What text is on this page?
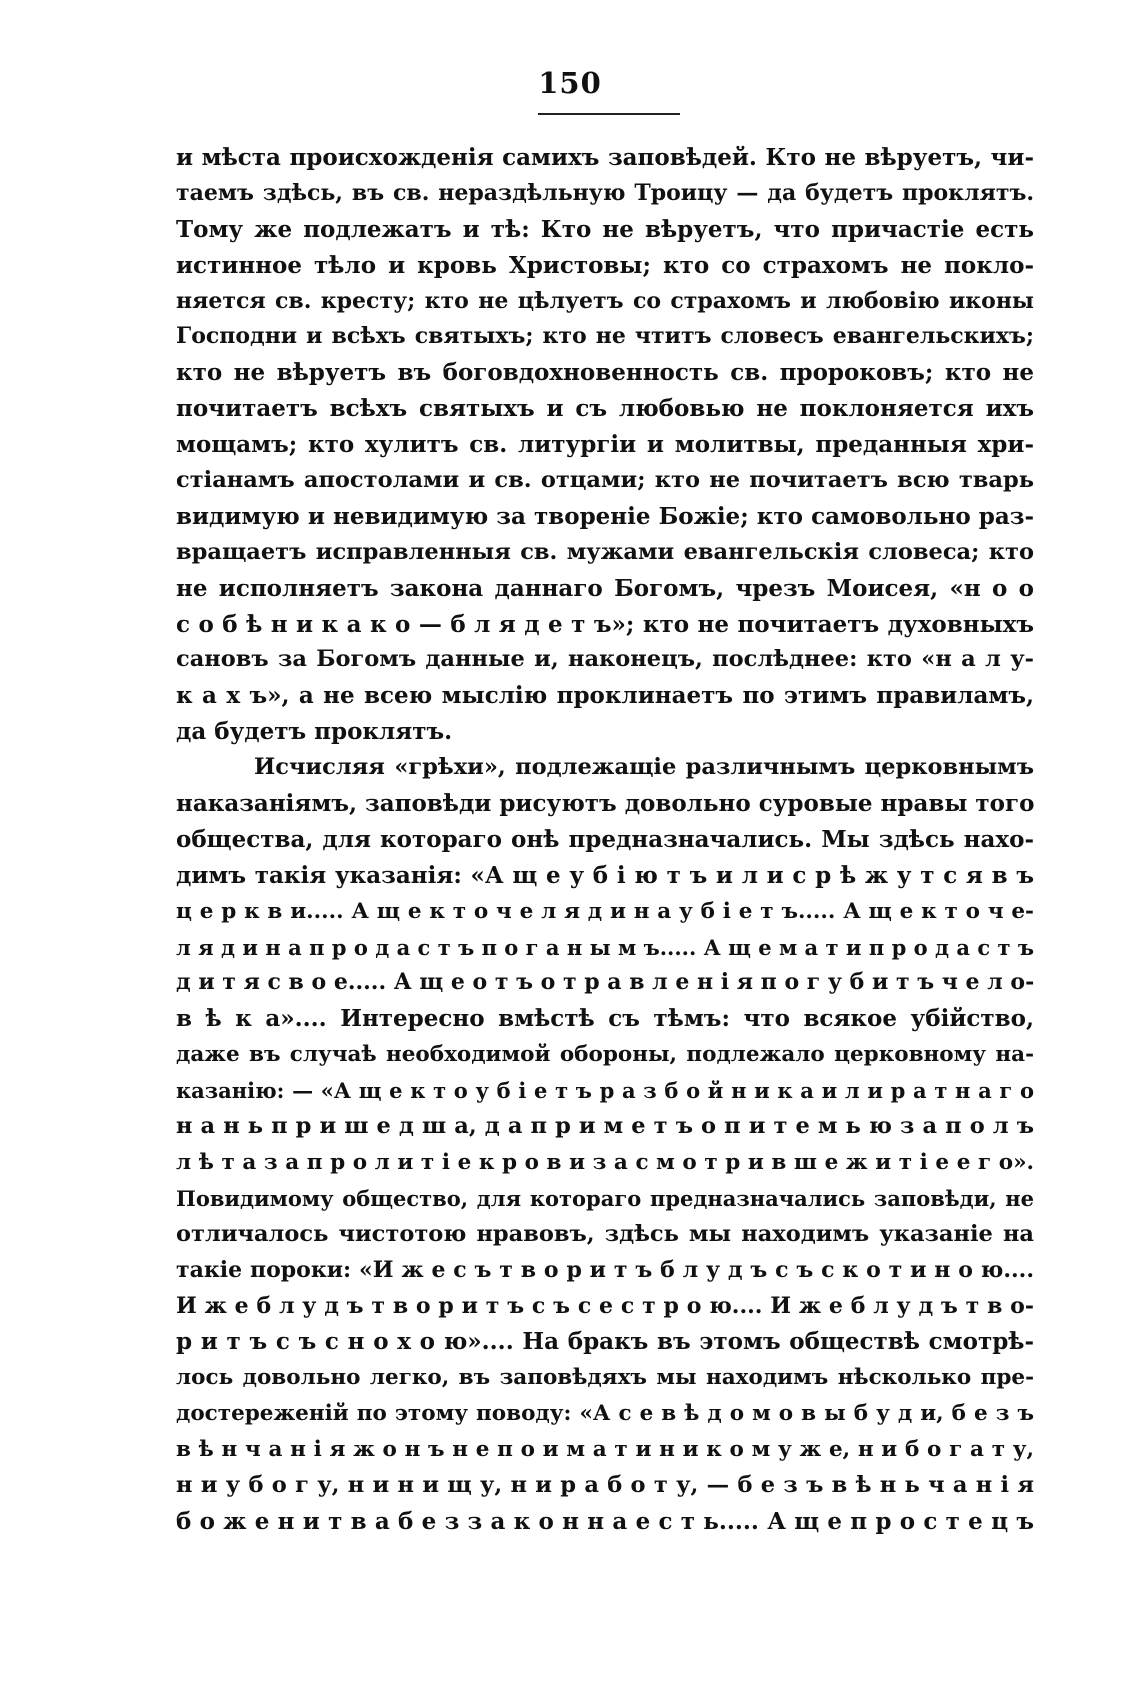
150
и мѣста происхожденія самихъ заповѣдей. Кто не вѣруетъ, чи-
таемъ здѣсь, въ св. нераздѣльную Троицу — да будетъ проклятъ.
Тому же подлежатъ и тѣ: Кто не вѣруетъ, что причастіе есть
истинное тѣло и кровь Христовы; кто со страхомъ не покло-
няется св. кресту; кто не цѣлуетъ со страхомъ и любовію иконы
Господни и всѣхъ святыхъ; кто не чтитъ словесъ евангельскихъ;
кто не вѣруетъ въ боговдохновенность св. пророковъ; кто не
почитаетъ всѣхъ святыхъ и съ любовью не поклоняется ихъ
мощамъ; кто хулитъ св. литургіи и молитвы, преданныя хри-
стіанамъ апостолами и св. отцами; кто не почитаетъ всю тварь
видимую и невидимую за твореніе Божіе; кто самовольно раз-
вращаетъ исправленныя св. мужами евангельскія словеса; кто
не исполняетъ закона даннаго Богомъ, чрезъ Моисея, «н о о
с о б ѣ н и к а к о — б л я д е т ъ»; кто не почитаетъ духовныхъ
сановъ за Богомъ данные и, наконецъ, послѣднее: кто «н а л у-
к а х ъ», а не всею мыслію проклинаетъ по этимъ правиламъ,
да будетъ проклятъ.
Исчисляя «грѣхи», подлежащіе различнымъ церковнымъ
наказаніямъ, заповѣди рисуютъ довольно суровые нравы того
общества, для котораго онѣ предназначались. Мы здѣсь нахо-
димъ такія указанія: «А щ е у б і ю т ъ и л и с р ѣ ж у т с я в ъ
ц е р к в и..... А щ е к т о ч е л я д и н а у б і е т ъ..... А щ е к т о ч е-
л я д и н а п р о д а с т ъ п о г а н ы м ъ..... А щ е м а т и п р о д а с т ъ
д и т я с в о е..... А щ е о т ъ о т р а в л е н і я п о г у б и т ъ ч е л о-
в ѣ к а».... Интересно вмѣстѣ съ тѣмъ: что всякое убійство,
даже въ случаѣ необходимой обороны, подлежало церковному на-
казанію: — «А щ е к т о у б і е т ъ р а з б о й н и к а и л и р а т н а г о
н а н ь п р и ш е д ш а, д а п р и м е т ъ о п и т е м ь ю з а п о л ъ
л ѣ т а з а п р о л и т і е к р о в и з а с м о т р и в ш е ж и т і е е г о».
Повидимому общество, для котораго предназначались заповѣди, не
отличалось чистотою нравовъ, здѣсь мы находимъ указаніе на
такіе пороки: «И ж е с ъ т в о р и т ъ б л у д ъ с ъ с к о т и н о ю....
И ж е б л у д ъ т в о р и т ъ с ъ с е с т р о ю.... И ж е б л у д ъ т в о-
р и т ъ с ъ с н о х о ю».... На бракъ въ этомъ обществѣ смотрѣ-
лось довольно легко, въ заповѣдяхъ мы находимъ нѣсколько пре-
достереженій по этому поводу: «А с е в ѣ д о м о в ы б у д и, б е з ъ
в ѣ н ч а н і я ж о н ъ н е п о и м а т и н и к о м у ж е, н и б о г а т у,
н и у б о г у, н и н и щ у, н и р а б о т у, — б е з ъ в ѣ н ь ч а н і я
б о ж е н и т в а б е з з а к о н н а е с т ь..... А щ е п р о с т е ц ъ
